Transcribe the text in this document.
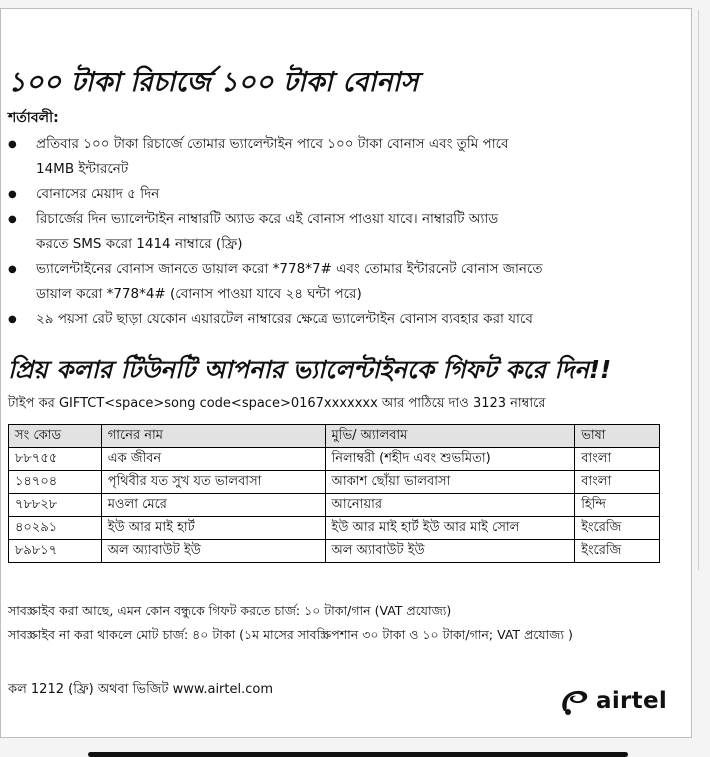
১০০ টাকা রিচার্জে ১০০ টাকা বোনাস
শর্তাবলী:
● প্রতিবার ১০০ টাকা রিচার্জে তোমার ভ্যালেন্টাইন পাবে ১০০ টাকা বোনাস এবং তুমি পাবে
14MB ইন্টারনেট
● বোনাসের মেয়াদ ৫ দিন
● রিচার্জের দিন ভ্যালেন্টাইন নাম্বারটি অ্যাড করে এই বোনাস পাওয়া যাবে। নাম্বারটি অ্যাড
করতে SMS করো 1414 নাম্বারে (ফ্রি)
● ভ্যালেন্টাইনের বোনাস জানতে ডায়াল করো *778*7# এবং তোমার ইন্টারনেট বোনাস জানতে
ডায়াল করো *778*4# (বোনাস পাওয়া যাবে ২৪ ঘন্টা পরে)
● ২৯ পয়সা রেট ছাড়া যেকোন এয়ারটেল নাম্বারের ক্ষেত্রে ভ্যালেন্টাইন বোনাস ব্যবহার করা যাবে
প্রিয় কলার টিউনটি আপনার ভ্যালেন্টাইনকে গিফট করে দিন!!
টাইপ কর GIFTCT<space>song code<space>0167xxxxxxx আর পাঠিয়ে দাও 3123 নাম্বারে
সং কোড	গানের নাম	মুভি/ অ্যালবাম	ভাষা
৮৮৭৫৫	এক জীবন	নিলাম্বরী (শহীদ এবং শুভমিতা)	বাংলা
১৪৭০৪	পৃথিবীর যত সুখ যত ভালবাসা	আকাশ ছোঁয়া ভালবাসা	বাংলা
৭৮৮২৮	মওলা মেরে	আনোয়ার	হিন্দি
৪০২৯১	ইউ আর মাই হার্ট	ইউ আর মাই হার্ট ইউ আর মাই সোল	ইংরেজি
৮৯৮১৭	অল অ্যাবাউট ইউ	অল অ্যাবাউট ইউ	ইংরেজি
সাবস্ক্রাইব করা আছে, এমন কোন বন্ধুকে গিফট করতে চার্জ: ১০ টাকা/গান (VAT প্রযোজ্য)
সাবস্ক্রাইব না করা থাকলে মোট চার্জ: ৪০ টাকা (১ম মাসের সাবস্ক্রিপশান ৩০ টাকা ও ১০ টাকা/গান; VAT প্রযোজ্য )
কল 1212 (ফ্রি) অথবা ভিজিট www.airtel.com	airtel
